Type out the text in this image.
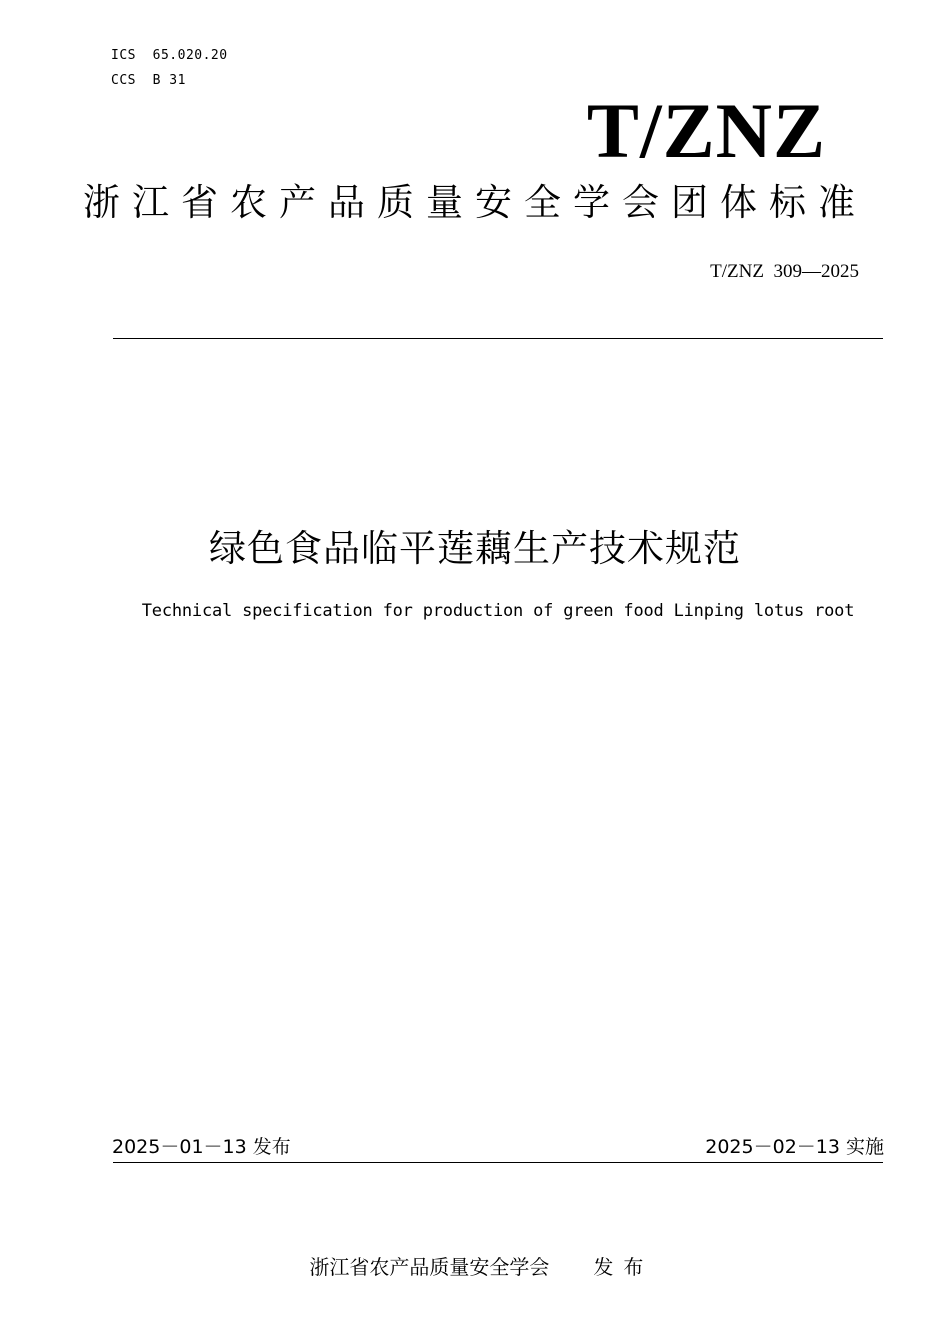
ICS  65.020.20
CCS  B 31
T/ZNZ
浙江省农产品质量安全学会团体标准
T/ZNZ  309—2025
绿色食品临平莲藕生产技术规范
Technical specification for production of green food Linping lotus root
2025－01－13 发布	2025－02－13 实施

浙江省农产品质量安全学会 发布
